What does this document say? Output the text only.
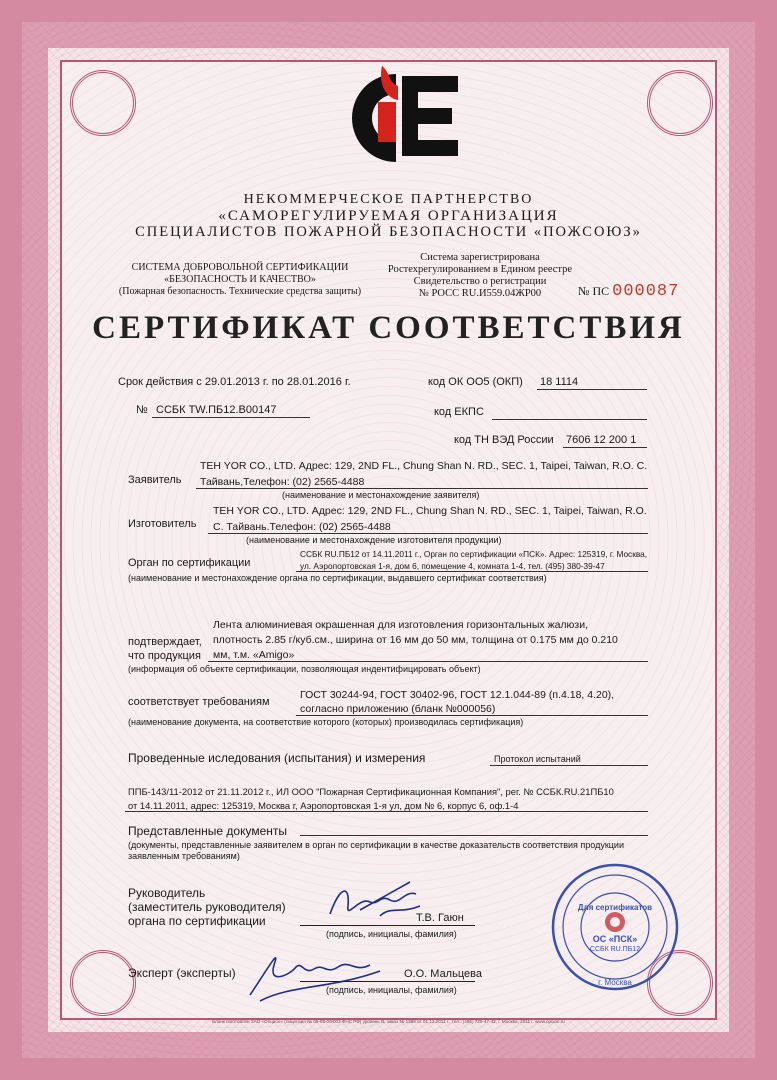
НЕКОММЕРЧЕСКОЕ ПАРТНЕРСТВО
«САМОРЕГУЛИРУЕМАЯ ОРГАНИЗАЦИЯ
СПЕЦИАЛИСТОВ ПОЖАРНОЙ БЕЗОПАСНОСТИ «ПОЖСОЮЗ»
СИСТЕМА ДОБРОВОЛЬНОЙ СЕРТИФИКАЦИИ
«БЕЗОПАСНОСТЬ И КАЧЕСТВО»
(Пожарная безопасность. Технические средства защиты)
Система зарегистрирована
Ростехрегулированием в Едином реестре
Свидетельство о регистрации
№ РОСС RU.И559.04ЖР00	№ ПС 000087
СЕРТИФИКАТ СООТВЕТСТВИЯ
Срок действия с 29.01.2013 г. по 28.01.2016 г.	код ОК ОО5 (ОКП) 18 1114
№ ССБК TW.ПБ12.В00147	код ЕКПС
код ТН ВЭД России 7606 12 200 1
Заявитель
TEH YOR CO., LTD. Адрес: 129, 2ND FL., Chung Shan N. RD., SEC. 1, Taipei, Taiwan, R.O. C.
Тайвань,Телефон: (02) 2565-4488
(наименование и местонахождение заявителя)
Изготовитель
TEH YOR CO., LTD. Адрес: 129, 2ND FL., Chung Shan N. RD., SEC. 1, Taipei, Taiwan, R.O.
С. Тайвань.Телефон: (02) 2565-4488
(наименование и местонахождение изготовителя продукции)
Орган по сертификации
ССБК RU.ПБ12 от 14.11.2011 г., Орган по сертификации «ПСК». Адрес: 125319, г. Москва,
ул. Аэропортовская 1-я, дом 6, помещение 4, комната 1-4, тел. (495) 380-39-47
(наименование и местонахождение органа по сертификации, выдавшего сертификат соответствия)
Лента алюминиевая окрашенная для изготовления горизонтальных жалюзи,
плотность 2.85 г/куб.см., ширина от 16 мм до 50 мм, толщина от 0.175 мм до 0.210
мм, т.м. «Amigo»
подтверждает,
что продукция
(информация об объекте сертификации, позволяющая индентифицировать объект)
соответствует требованиям
ГОСТ 30244-94, ГОСТ 30402-96, ГОСТ 12.1.044-89 (п.4.18, 4.20),
согласно приложению (бланк №000056)
(наименование документа, на соответствие которого (которых) производилась сертификация)
Проведенные иследования (испытания) и измерения	Протокол испытаний
ППБ-143/11-2012 от 21.11.2012 г., ИЛ ООО "Пожарная Сертификационная Компания", рег. № ССБК.RU.21ПБ10
от 14.11.2011, адрес: 125319, Москва г, Аэропортовская 1-я ул, дом № 6, корпус 6, оф.1-4
Представленные документы
(документы, представленные заявителем в орган по сертификации в качестве доказательств соответствия продукции
заявленным требованиям)
Руководитель
(заместитель руководителя)
органа по сертификации	Т.В. Гаюн
(подпись, инициалы, фамилия)
Эксперт (эксперты)	О.О. Мальцева
(подпись, инициалы, фамилия)
Для сертификатов
ОС «ПСК»
ССБК RU.ПБ12
г. Москва
Бланк изготовлен ЗАО «Опцион» (лицензия № 05-05-09/003 ФНС РФ) уровень В, заказ № 1388 от 01.12.2011 г., тел.: (495) 726-47-42, г. Москва, 2011 г. www.opcion.ru
